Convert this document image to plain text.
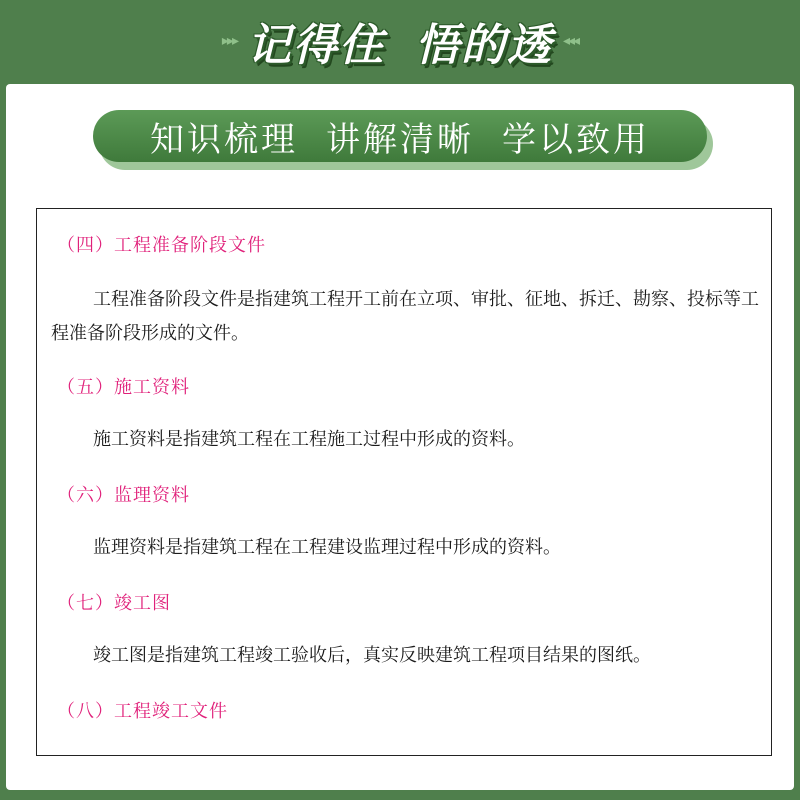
▸▸▸ 记得住 悟的透 ◂◂◂
知识梳理 讲解清晰 学以致用
（四）工程准备阶段文件
工程准备阶段文件是指建筑工程开工前在立项、审批、征地、拆迁、勘察、投标等工程准备阶段形成的文件。
（五）施工资料
施工资料是指建筑工程在工程施工过程中形成的资料。
（六）监理资料
监理资料是指建筑工程在工程建设监理过程中形成的资料。
（七）竣工图
竣工图是指建筑工程竣工验收后，真实反映建筑工程项目结果的图纸。
（八）工程竣工文件
